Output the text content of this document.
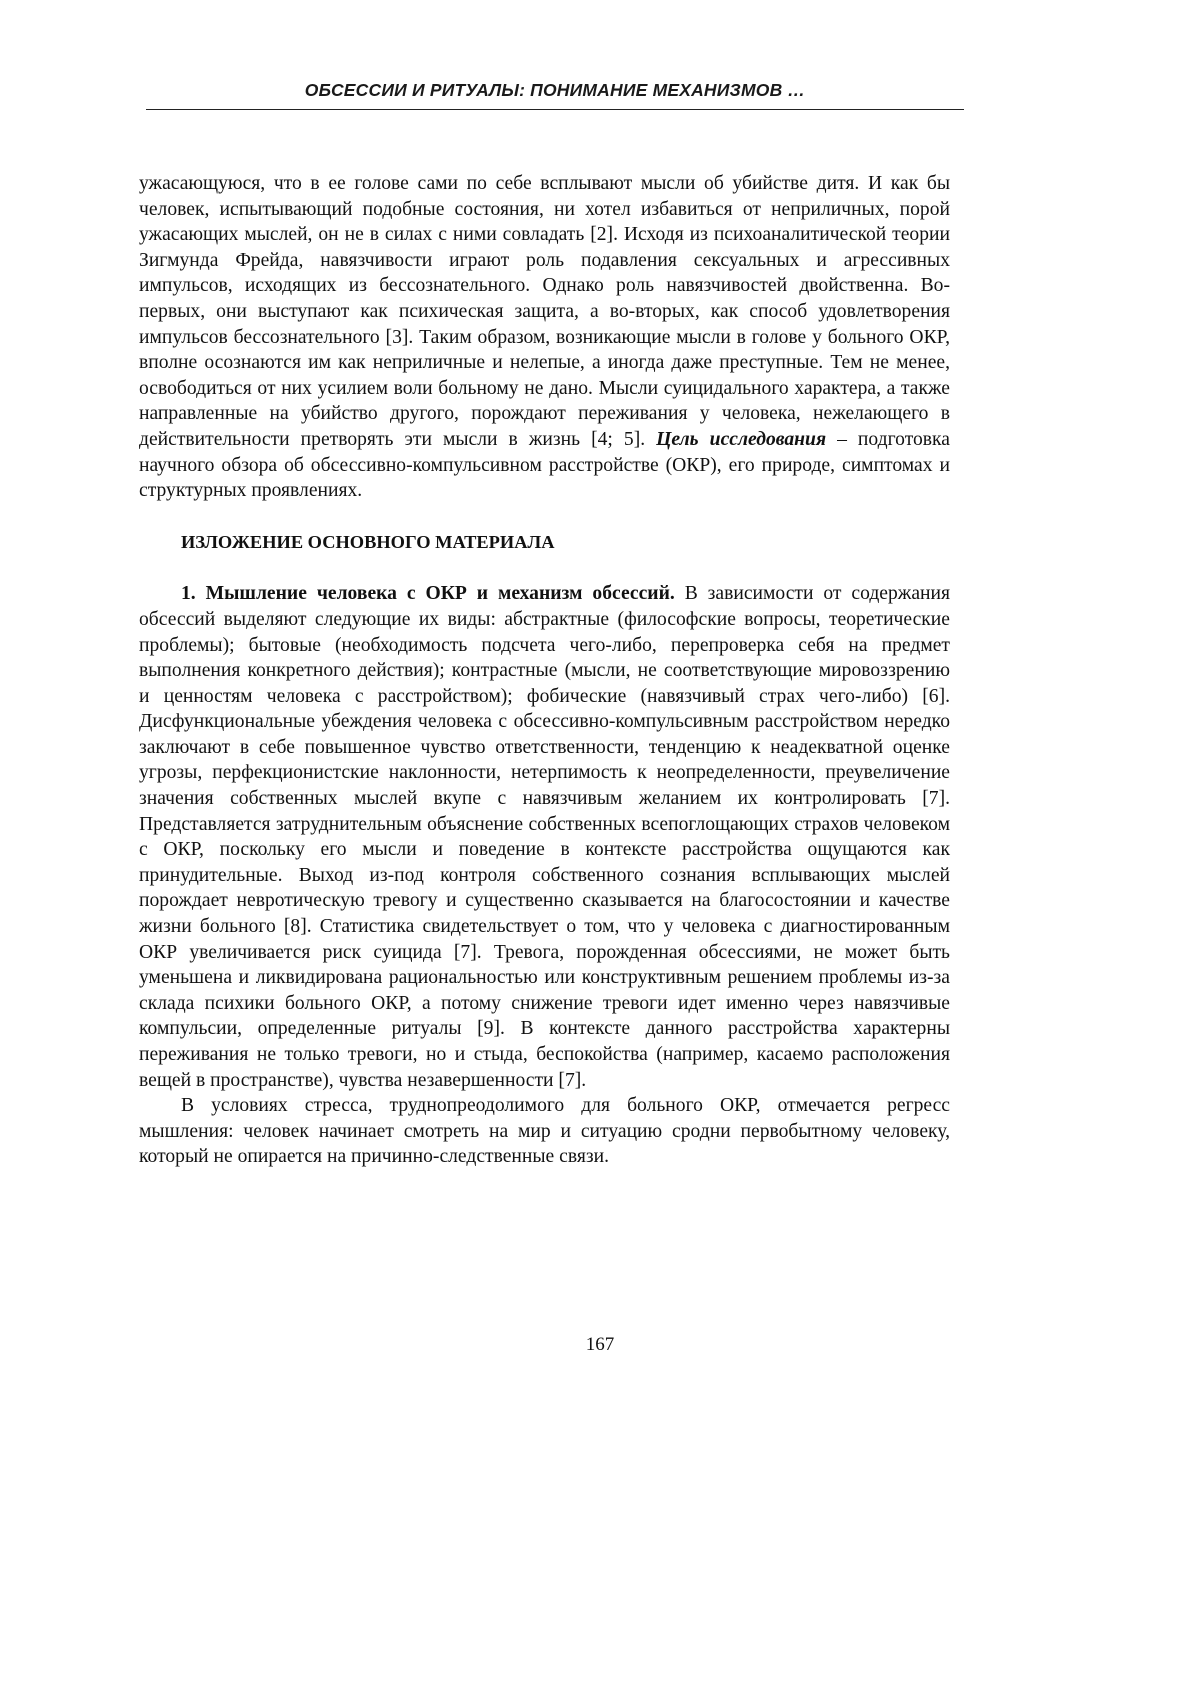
ОБСЕССИИ И РИТУАЛЫ: ПОНИМАНИЕ МЕХАНИЗМОВ …

ужасающуюся, что в ее голове сами по себе всплывают мысли об убийстве дитя. И как бы человек, испытывающий подобные состояния, ни хотел избавиться от неприличных, порой ужасающих мыслей, он не в силах с ними совладать [2]. Исходя из психоаналитической теории Зигмунда Фрейда, навязчивости играют роль подавления сексуальных и агрессивных импульсов, исходящих из бессознательного. Однако роль навязчивостей двойственна. Во-первых, они выступают как психическая защита, а во-вторых, как способ удовлетворения импульсов бессознательного [3]. Таким образом, возникающие мысли в голове у больного ОКР, вполне осознаются им как неприличные и нелепые, а иногда даже преступные. Тем не менее, освободиться от них усилием воли больному не дано. Мысли суицидального характера, а также направленные на убийство другого, порождают переживания у человека, нежелающего в действительности претворять эти мысли в жизнь [4; 5]. Цель исследования – подготовка научного обзора об обсессивно-компульсивном расстройстве (ОКР), его природе, симптомах и структурных проявлениях.

ИЗЛОЖЕНИЕ ОСНОВНОГО МАТЕРИАЛА

1. Мышление человека с ОКР и механизм обсессий. В зависимости от содержания обсессий выделяют следующие их виды: абстрактные (философские вопросы, теоретические проблемы); бытовые (необходимость подсчета чего-либо, перепроверка себя на предмет выполнения конкретного действия); контрастные (мысли, не соответствующие мировоззрению и ценностям человека с расстройством); фобические (навязчивый страх чего-либо) [6]. Дисфункциональные убеждения человека с обсессивно-компульсивным расстройством нередко заключают в себе повышенное чувство ответственности, тенденцию к неадекватной оценке угрозы, перфекционистские наклонности, нетерпимость к неопределенности, преувеличение значения собственных мыслей вкупе с навязчивым желанием их контролировать [7]. Представляется затруднительным объяснение собственных всепоглощающих страхов человеком с ОКР, поскольку его мысли и поведение в контексте расстройства ощущаются как принудительные. Выход из-под контроля собственного сознания всплывающих мыслей порождает невротическую тревогу и существенно сказывается на благосостоянии и качестве жизни больного [8]. Статистика свидетельствует о том, что у человека с диагностированным ОКР увеличивается риск суицида [7]. Тревога, порожденная обсессиями, не может быть уменьшена и ликвидирована рациональностью или конструктивным решением проблемы из-за склада психики больного ОКР, а потому снижение тревоги идет именно через навязчивые компульсии, определенные ритуалы [9]. В контексте данного расстройства характерны переживания не только тревоги, но и стыда, беспокойства (например, касаемо расположения вещей в пространстве), чувства незавершенности [7].

В условиях стресса, труднопреодолимого для больного ОКР, отмечается регресс мышления: человек начинает смотреть на мир и ситуацию сродни первобытному человеку, который не опирается на причинно-следственные связи.

167
